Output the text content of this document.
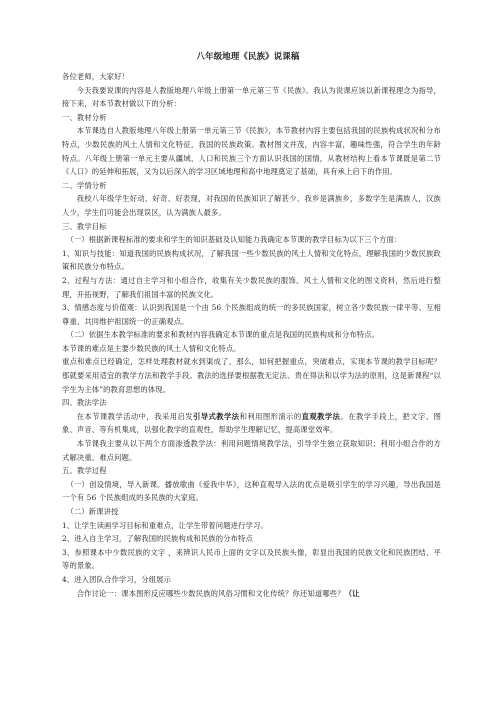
八年级地理《民族》说课稿

各位老师，大家好！

今天我要说课的内容是人教版地理八年级上册第一单元第三节《民族》。我认为说课应该以新课程理念为指导，接下来，对本节教材做以下的分析：

一、教材分析

本节课选自人教版地理八年级上册第一单元第三节《民族》，本节教材内容主要包括我国的民族构成状况和分布特点，少数民族的风土人情和文化特征，我国的民族政策。教材图文并茂，内容丰富，趣味性强，符合学生的年龄特点。八年级上册第一单元主要从疆域、人口和民族三个方面认识我国的国情，从教材结构上看本节课既是第二节《人口》的延伸和拓展，又为以后深入的学习区域地理和高中地理奠定了基础，具有承上启下的作用。

二、学情分析

我校八年级学生好动、好奇、好表现，对我国的民族知识了解甚少。我乡是满族乡，多数学生是满族人，汉族人少，学生们可能会出现误区，认为满族人最多。

三、教学目标

（一）根据新课程标准的要求和学生的知识基础及认知能力我确定本节课的教学目标为以下三个方面：

1、知识与技能：知道我国的民族构成状况，了解我国一些少数民族的风土人情和文化特点，理解我国的少数民族政策和民族分布特点。

2、过程与方法：通过自主学习和小组合作，收集有关少数民族的服饰、风土人情和文化的图文资料，然后进行整理，开拓视野，了解我们祖国丰富的民族文化。

3、情感态度与价值观：认识到我国是一个由 56 个民族组成的统一的多民族国家，树立各少数民族一律平等、互相尊重、共同维护祖国统一的正确观点。

（二）依据生本教学标准的要求和教材内容我确定本节课的重点是我国的民族构成和分布特点。

本节课的难点是主要少数民族的风土人情和文化特点。

重点和难点已经确定，怎样处理教材就水到渠成了，那么，如何把握重点，突破难点，实现本节课的教学目标呢？那就要采用适宜的教学方法和教学手段。教法的选择要根据教无定法、贵在得法和以学为法的原则，这是新课程“以学生为主体”的教育思想的体现。

四、教法学法

在本节课教学活动中，我采用启发引导式教学法和利用图形演示的直观教学法。在教学手段上，把文字、图象、声音、等有机集成，以强化教学的直观性，帮助学生理解记忆，提高课堂效率。

本节课我主要从以下两个方面渗透教学法：利用问题情境教学法，引导学生独立获取知识；利用小组合作的方式解决重、难点问题。

五、教学过程

（一）创设情境，导入新课。播放歌曲《爱我中华》，这种直观导入法的优点是吸引学生的学习兴趣，导出我国是一个有 56 个民族组成的多民族的大家庭。

（二）新课讲授

1、让学生读画学习目标和重难点，让学生带着问题进行学习。

2、进入自主学习，了解我国的民族构成和民族的分布特点

3、参照课本中少数民族的文字 ，来辨识人民币上面的文字以及民族头像，彰显出我国的民族文化和民族团结、平等的景象。

4、进入团队合作学习，分组展示

合作讨论一：课本图形反应哪些少数民族的风俗习惯和文化传统？你还知道哪些？（让
